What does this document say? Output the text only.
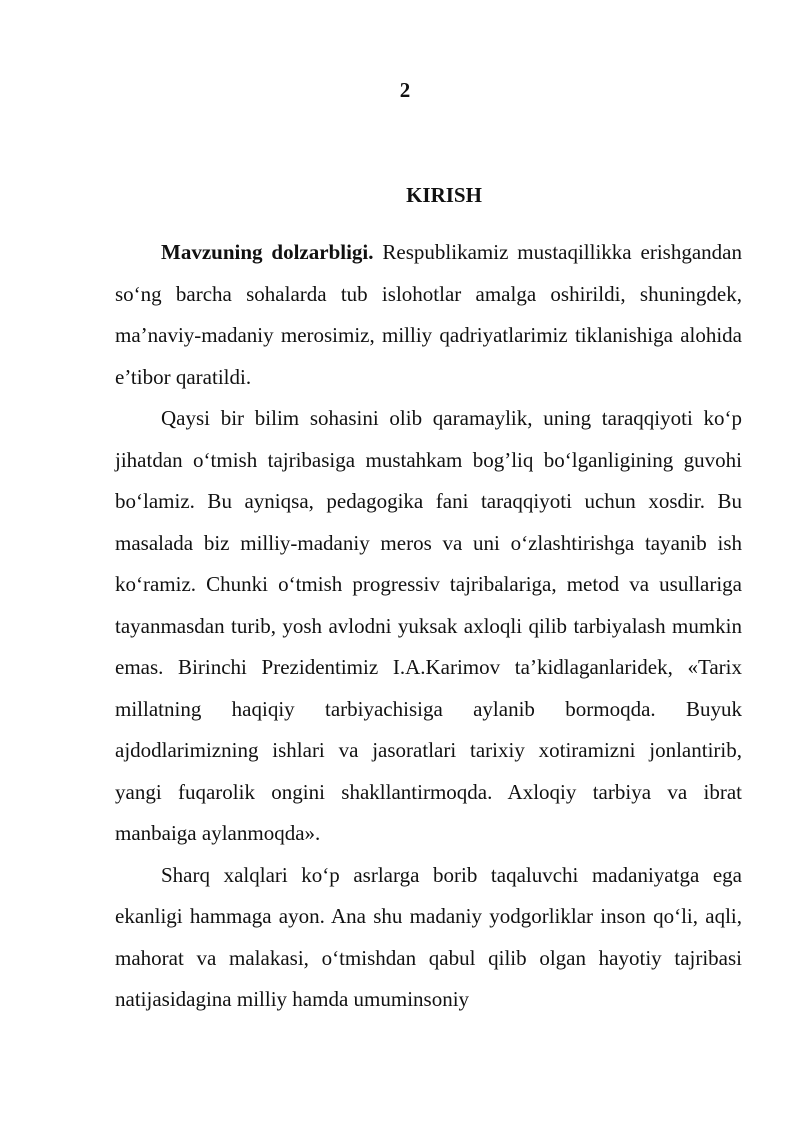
2
KIRISH

Mavzuning dolzarbligi. Respublikamiz mustaqillikka erishgandan so‘ng barcha sohalarda tub islohotlar amalga oshirildi, shuningdek, ma’naviy-madaniy merosimiz, milliy qadriyatlarimiz tiklanishiga alohida e’tibor qaratildi.

Qaysi bir bilim sohasini olib qaramaylik, uning taraqqiyoti ko‘p jihatdan o‘tmish tajribasiga mustahkam bog’liq bo‘lganligining guvohi bo‘lamiz. Bu ayniqsa, pedagogika fani taraqqiyoti uchun xosdir. Bu masalada biz milliy-madaniy meros va uni o‘zlashtirishga tayanib ish ko‘ramiz. Chunki o‘tmish progressiv tajribalariga, metod va usullariga tayanmasdan turib, yosh avlodni yuksak axloqli qilib tarbiyalash mumkin emas. Birinchi Prezidentimiz I.A.Karimov ta’kidlaganlaridek, «Tarix millatning haqiqiy tarbiyachisiga aylanib bormoqda. Buyuk ajdodlarimizning ishlari va jasoratlari tarixiy xotiramizni jonlantirib, yangi fuqarolik ongini shakllantirmoqda. Axloqiy tarbiya va ibrat manbaiga aylanmoqda».

Sharq xalqlari ko‘p asrlarga borib taqaluvchi madaniyatga ega ekanligi hammaga ayon. Ana shu madaniy yodgorliklar inson qo‘li, aqli, mahorat va malakasi, o‘tmishdan qabul qilib olgan hayotiy tajribasi natijasidagina milliy hamda umuminsoniy
